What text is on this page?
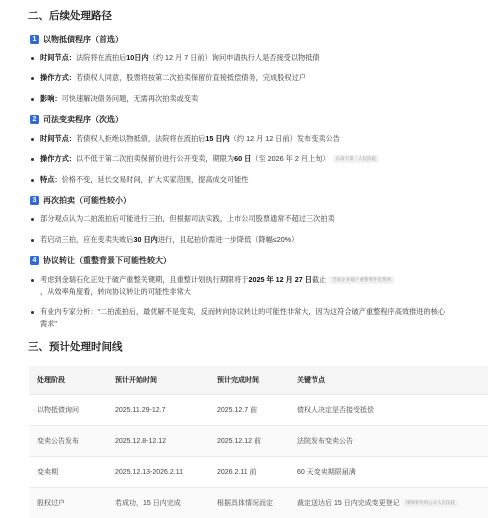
二、后续处理路径
1 以物抵债程序（首选）
时间节点：法院将在流拍后10日内（约 12 月 7 日前）询问申请执行人是否接受以物抵债
操作方式：若债权人同意，股票将按第二次拍卖保留价直接抵偿债务，完成股权过户
影响：可快速解决债务问题，无需再次拍卖或变卖
2 司法变卖程序（次选）
时间节点：若债权人拒绝以物抵债，法院将在流拍后15 日内（约 12 月 12 日前）发布变卖公告
操作方式：以不低于第二次拍卖保留价进行公开变卖，期限为60 日（至 2026 年 2 月上旬） 东南卡第一人民法院
特点：价格不变，延长交易时间，扩大买家范围，提高成交可能性
3 再次拍卖（可能性较小）
部分观点认为二拍流拍后可能进行三拍，但根据司法实践，上市公司股票通常不超过三次拍卖
若启动三拍，应在变卖失败后30 日内进行，且起拍价需进一步降低（降幅≤20%）
4 协议转让（重整背景下可能性较大）
考虑到金瑞石化正处于破产重整关键期，且重整计划执行期限将于2025 年 12 月 27 日截止 全面企业破产重整事件优秀网
，从效率角度看，转向协议转让的可能性非常大
有业内专家分析："二拍流拍后，最优解不是变卖，反而转向协议转让的可能性非常大，因为这符合破产重整程序高效推进的核心需求"
三、预计处理时间线
处理阶段	预计开始时间	预计完成时间	关键节点
以物抵债询问	2025.11.29-12.7	2025.12.7 前	债权人决定是否接受抵偿
变卖公告发布	2025.12.8-12.12	2025.12.12 前	法院发布变卖公告
变卖期	2025.12.13-2026.2.11	2026.2.11 前	60 天变卖期限届满
股权过户	若成功，15 日内完成	根据具体情况而定	裁定送达后 15 日内完成变更登记 律师事务所公众人民法院
